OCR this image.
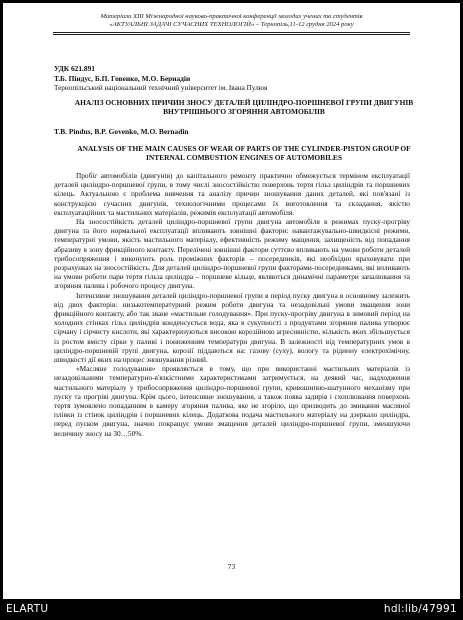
Матеріали ХІІІ Міжнародної науково-практичної конференції молодих учених та студентів
«АКТУАЛЬНІ ЗАДАЧІ СУЧАСНИХ ТЕХНОЛОГІЙ» – Тернопіль,11-12 грудня 2024 року
УДК 621.891
Т.Б. Піндус, Б.П. Говенко, М.О. Бернадін
Тернопільський національний технічний університет ім. Івана Пулюя
АНАЛІЗ ОСНОВНИХ ПРИЧИН ЗНОСУ ДЕТАЛЕЙ ЦИЛІНДРО-ПОРШНЕВОЇ ГРУПИ ДВИГУНІВ ВНУТРІШНЬОГО ЗГОРЯННЯ АВТОМОБІЛІВ
T.B. Pindus, B.P. Govenko, M.O. Bernadin
ANALYSIS OF THE MAIN CAUSES OF WEAR OF PARTS OF THE CYLINDER-PISTON GROUP OF INTERNAL COMBUSTION ENGINES OF AUTOMOBILES

Пробіг автомобілів (двигунів) до капітального ремонту практично обмежується терміном експлуатації деталей циліндро-поршневої групи, в тому числі зносостійкістю поверхонь тертя гільз циліндрів та поршневих кілець. Актуальною є проблема вивчення та аналізу причин зношування даних деталей, які пов'язані із конструкцією сучасних двигунів, технологічними процесами їх виготовлення та складання, якістю експлуатаційних та мастильних матеріалів, режимів експлуатації автомобіля.

На зносостійкість деталей циліндро-поршневої групи двигуна автомобіля в режимах пуску-прогріву двигуна та його нормальної експлуатації впливають зовнішні фактори: навантажувально-швидкісні режими, температурні умови, якість мастильного матеріалу, ефективність режиму мащення, захищеність від попадання абразиву в зону фрикційного контакту. Перелічені зовнішні фактори суттєво впливають на умови роботи деталей трибосопряження і виконують роль проміжних факторів – посередників, які необхідно враховувати при розрахунках на зносостійкість. Для деталей циліндро-поршневої групи факторами-посередниками, які впливають на умови роботи пари тертя гільза циліндра – поршневе кільце, являються динамічні параметри запалювання та згоряння палива і робочого процесу двигуна.

Інтенсивне зношування деталей циліндро-поршневої групи в період пуску двигуна в основному залежить від двох факторів: низькотемпературний режим роботи двигуна та незадовільні умови змащення зони фрикційного контакту, або так зване «мастильне голодування». При пуску-прогріву двигуна в зимовий період на холодних стінках гільз циліндрів конденсується вода, яка в сукупності з продуктами згоряння палива утворює сірчану і сірчисту кислоти, які характеризуються високою корозійною агресивністю, кількість яких збільшується із ростом вмісту сірки у паливі і пониженням температури двигуна. В залежності від температурних умов в циліндро-поршневій групі двигуна, корозії піддаються на: газову (суху), вологу та рідинну електрохімічну, швидкості дії яких на процес зношування різний.

«Масляне голодування» проявляється в тому, що при використанні мастильних матеріалів із незадовільними температурно-в'язкістними характеристиками затримується, на деякий час, надходження мастильного матеріалу у трибосопряження циліндро-поршневої групи, кривошипно-шатунного механізму при пуску та прогріві двигуна. Крім цього, інтенсивне зношування, а також поява задирів і схоплювання поверхонь тертя зумовлено попаданням в камеру згоряння палива, яке не згоріло, що призводить до змивання масляної плівки із стінок циліндрів і поршневих кілець. Додаткова подача мастильного матеріалу на дзеркало циліндра, перед пуском двигуна, значно покращує умови змащення деталей циліндро-поршневої групи, зменшуючи величину зносу на 30…50%.

73
ELARTU	hdl:lib/47991
